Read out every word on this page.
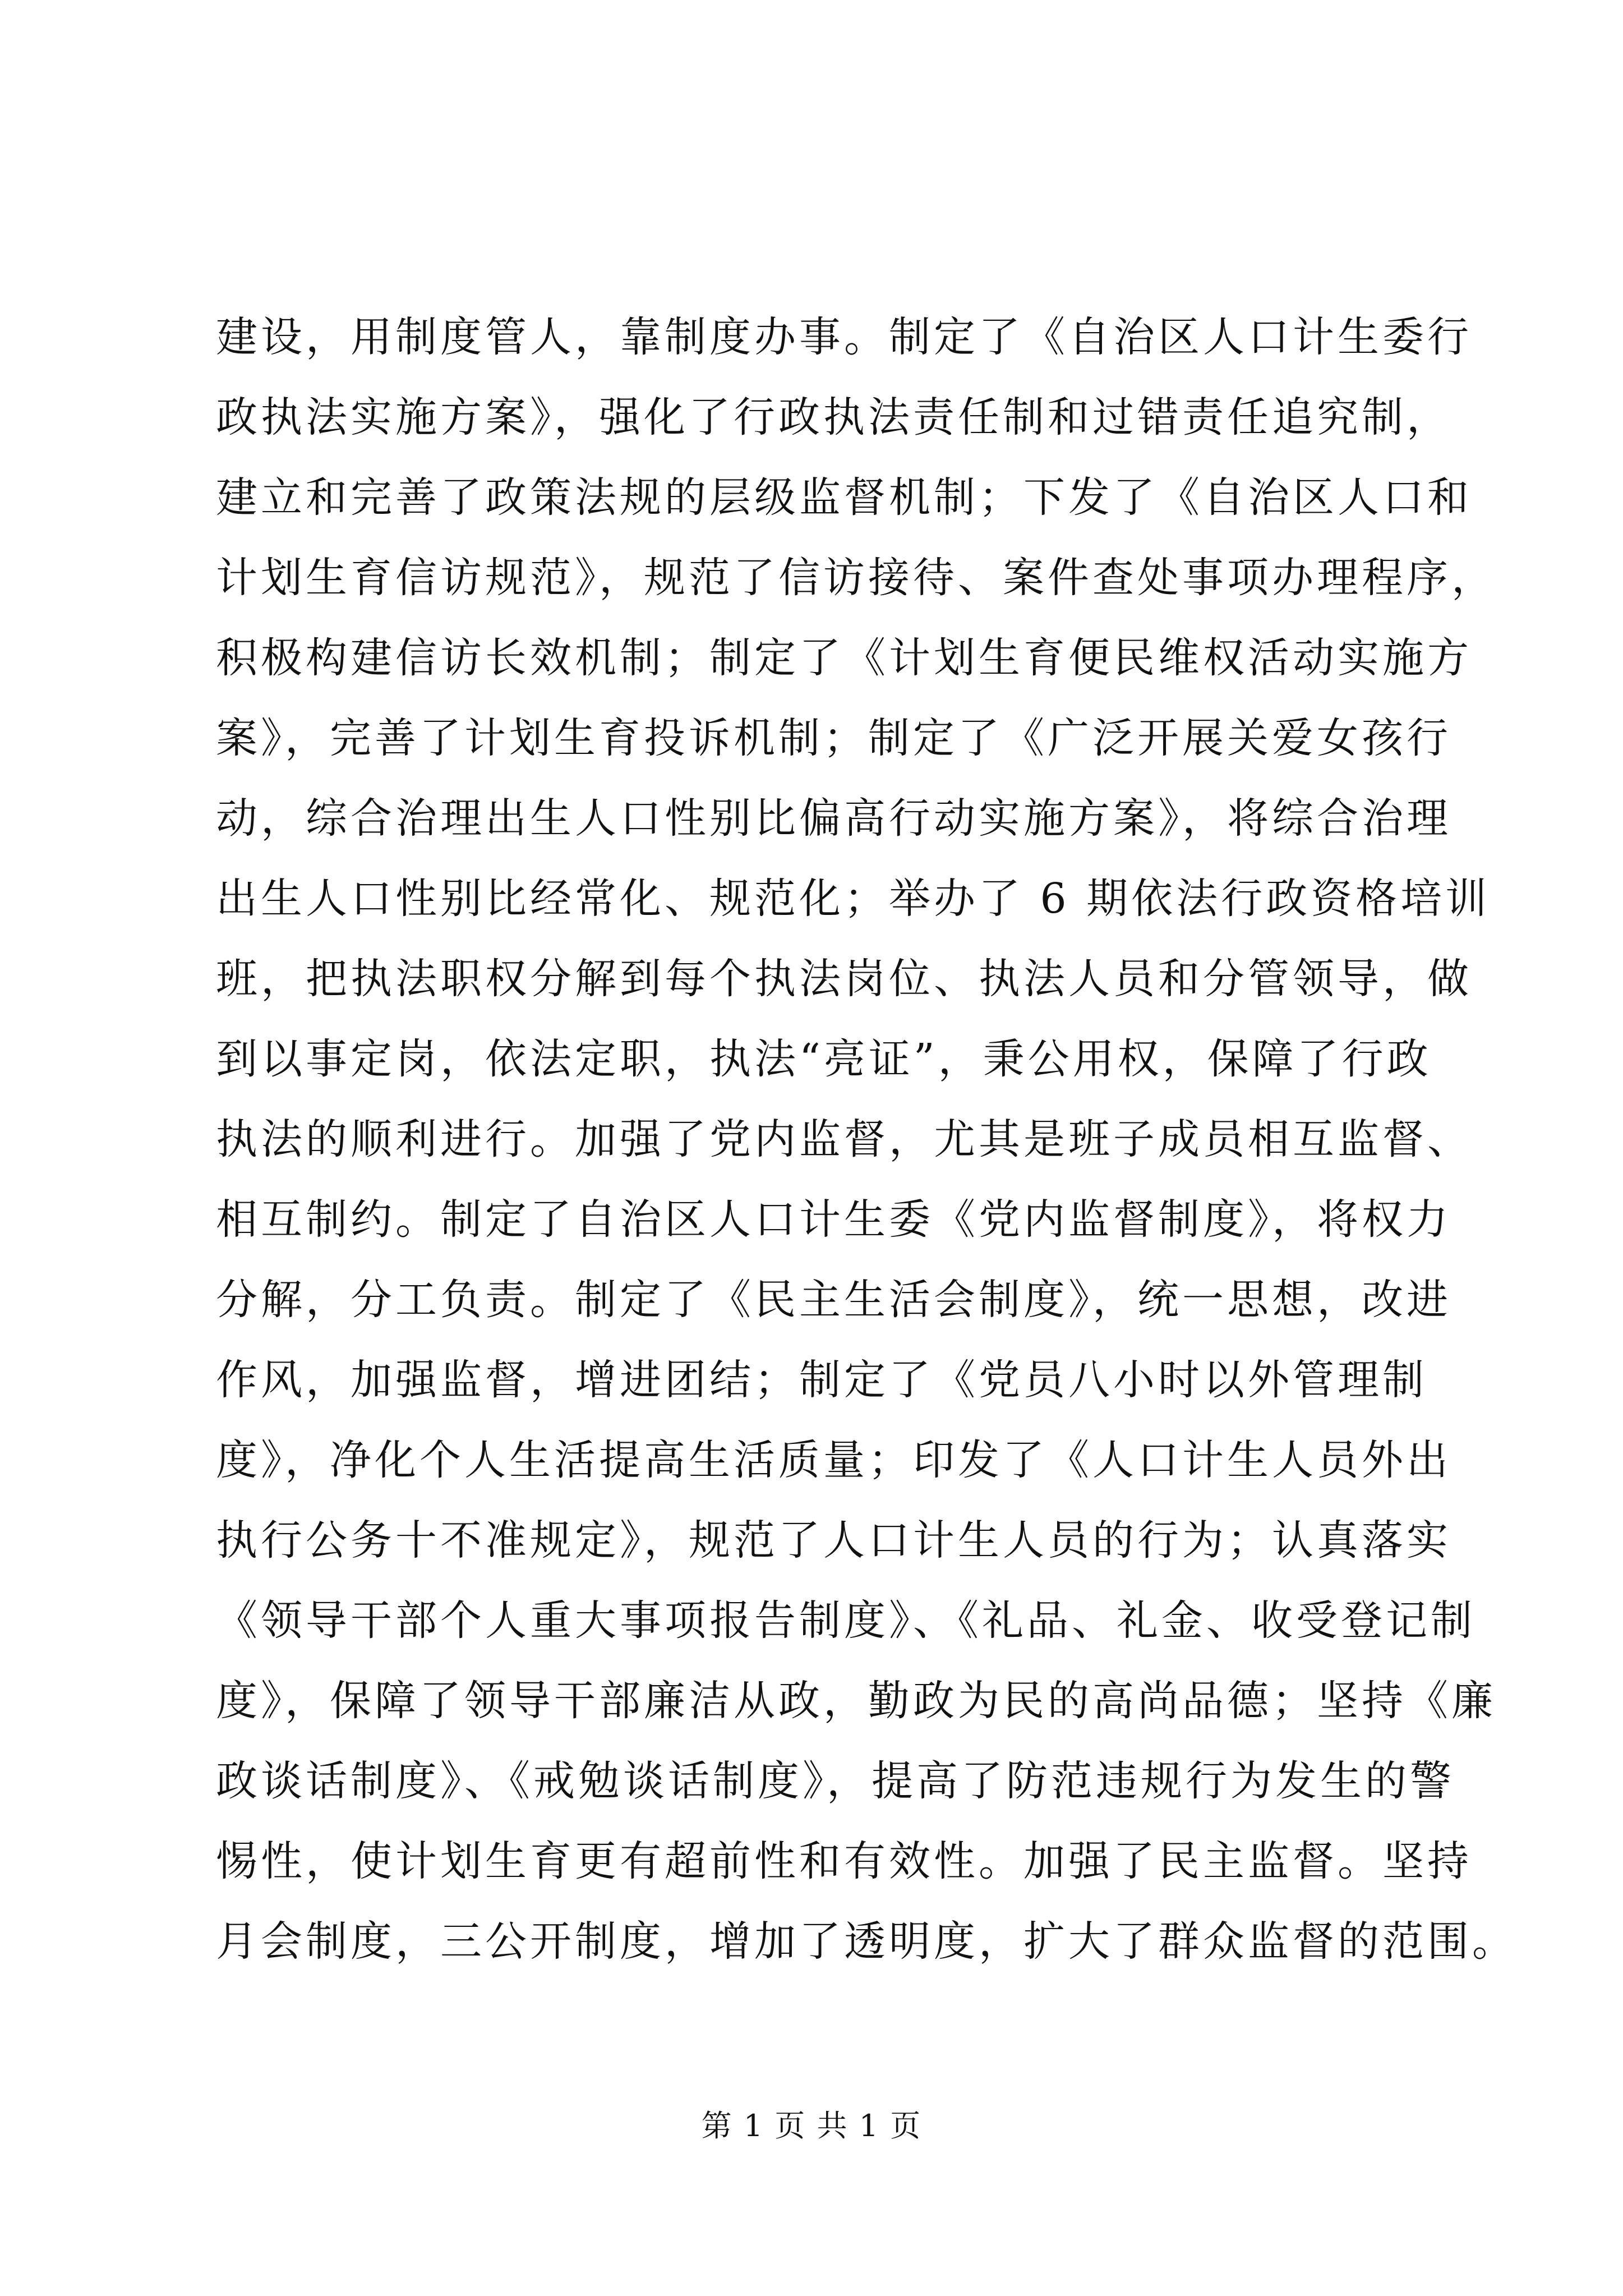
建设，用制度管人，靠制度办事。制定了《自治区人口计生委行
政执法实施方案》，强化了行政执法责任制和过错责任追究制，
建立和完善了政策法规的层级监督机制；下发了《自治区人口和
计划生育信访规范》，规范了信访接待、案件查处事项办理程序，
积极构建信访长效机制；制定了《计划生育便民维权活动实施方
案》，完善了计划生育投诉机制；制定了《广泛开展关爱女孩行
动，综合治理出生人口性别比偏高行动实施方案》，将综合治理
出生人口性别比经常化、规范化；举办了 6 期依法行政资格培训
班，把执法职权分解到每个执法岗位、执法人员和分管领导，做
到以事定岗，依法定职，执法“亮证”，秉公用权，保障了行政
执法的顺利进行。加强了党内监督，尤其是班子成员相互监督、
相互制约。制定了自治区人口计生委《党内监督制度》，将权力
分解，分工负责。制定了《民主生活会制度》，统一思想，改进
作风，加强监督，增进团结；制定了《党员八小时以外管理制
度》，净化个人生活提高生活质量；印发了《人口计生人员外出
执行公务十不准规定》，规范了人口计生人员的行为；认真落实
《领导干部个人重大事项报告制度》、《礼品、礼金、收受登记制
度》，保障了领导干部廉洁从政，勤政为民的高尚品德；坚持《廉
政谈话制度》、《戒勉谈话制度》，提高了防范违规行为发生的警
惕性，使计划生育更有超前性和有效性。加强了民主监督。坚持
月会制度，三公开制度，增加了透明度，扩大了群众监督的范围。
第 1 页 共 1 页
